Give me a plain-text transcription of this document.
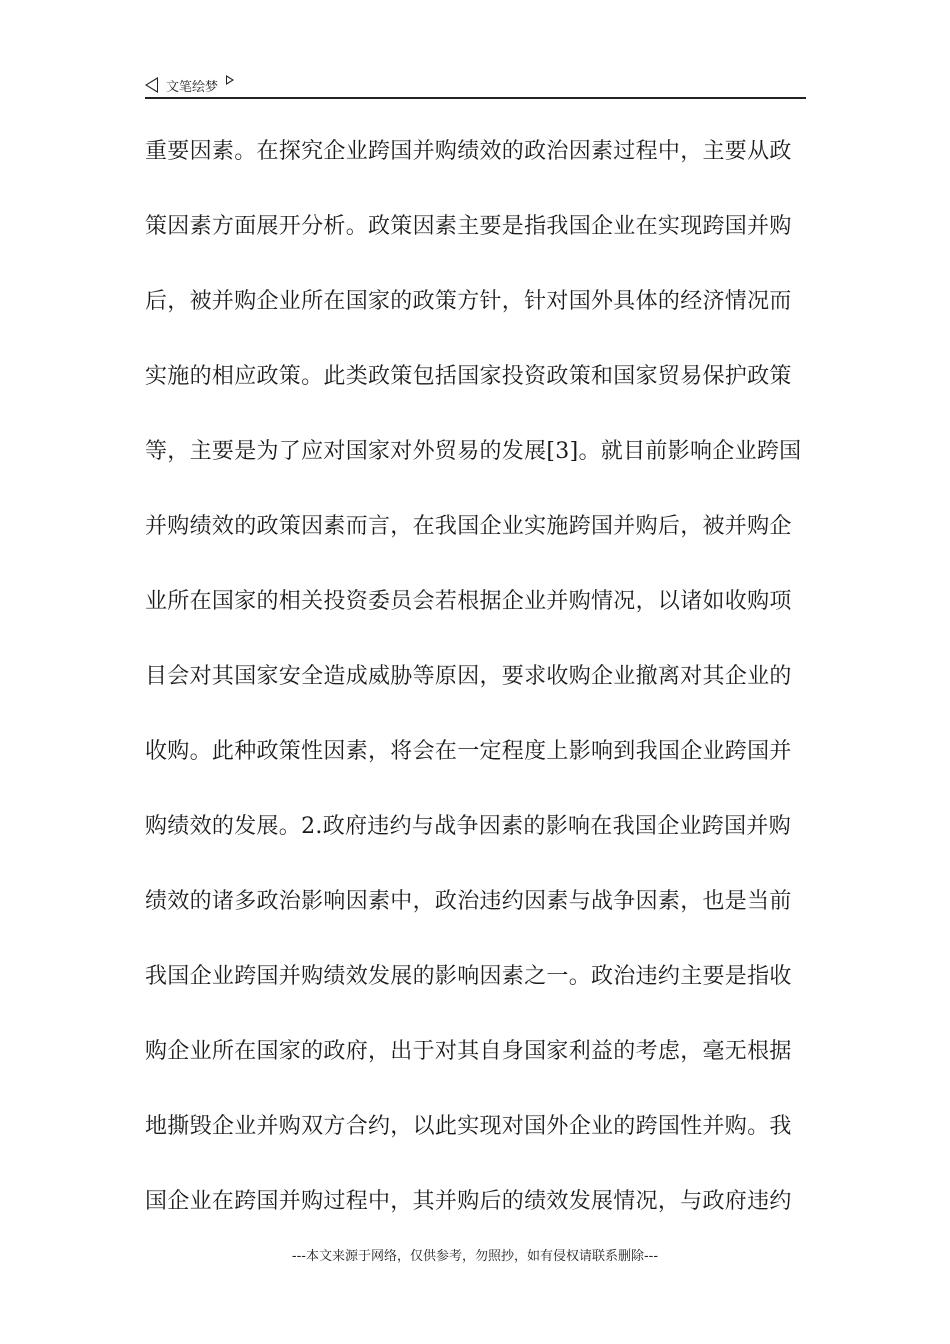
文笔绘梦
重要因素。在探究企业跨国并购绩效的政治因素过程中，主要从政
策因素方面展开分析。政策因素主要是指我国企业在实现跨国并购
后，被并购企业所在国家的政策方针，针对国外具体的经济情况而
实施的相应政策。此类政策包括国家投资政策和国家贸易保护政策
等，主要是为了应对国家对外贸易的发展[3]。就目前影响企业跨国
并购绩效的政策因素而言，在我国企业实施跨国并购后，被并购企
业所在国家的相关投资委员会若根据企业并购情况，以诸如收购项
目会对其国家安全造成威胁等原因，要求收购企业撤离对其企业的
收购。此种政策性因素，将会在一定程度上影响到我国企业跨国并
购绩效的发展。2.政府违约与战争因素的影响在我国企业跨国并购
绩效的诸多政治影响因素中，政治违约因素与战争因素，也是当前
我国企业跨国并购绩效发展的影响因素之一。政治违约主要是指收
购企业所在国家的政府，出于对其自身国家利益的考虑，毫无根据
地撕毁企业并购双方合约，以此实现对国外企业的跨国性并购。我
国企业在跨国并购过程中，其并购后的绩效发展情况，与政府违约
---本文来源于网络，仅供参考，勿照抄，如有侵权请联系删除---
